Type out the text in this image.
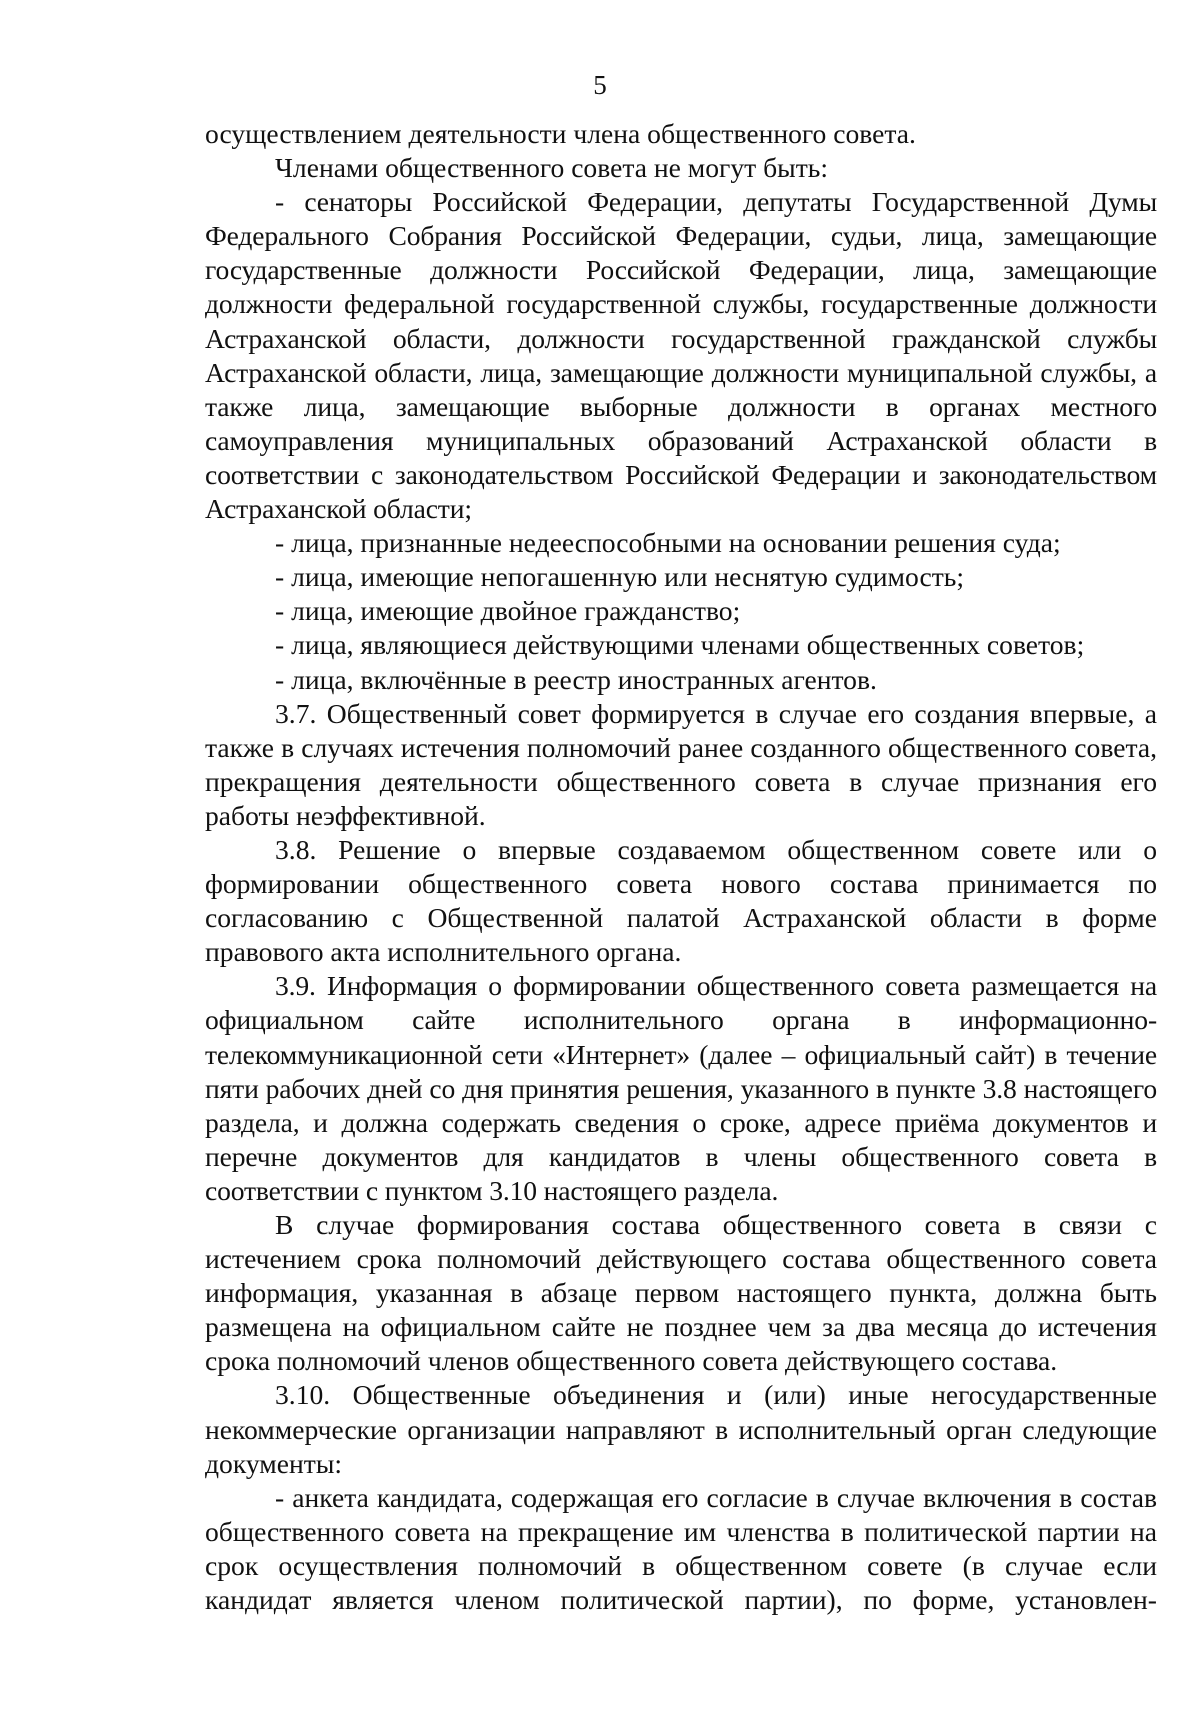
5

осуществлением деятельности члена общественного совета.

Членами общественного совета не могут быть:

- сенаторы Российской Федерации, депутаты Государственной Думы Федерального Собрания Российской Федерации, судьи, лица, замещающие государственные должности Российской Федерации, лица, замещающие должности федеральной государственной службы, государственные должности Астраханской области, должности государственной гражданской службы Астраханской области, лица, замещающие должности муниципальной службы, а также лица, замещающие выборные должности в органах местного самоуправления муниципальных образований Астраханской области в соответствии с законодательством Российской Федерации и законодательством Астраханской области;

- лица, признанные недееспособными на основании решения суда;

- лица, имеющие непогашенную или неснятую судимость;

- лица, имеющие двойное гражданство;

- лица, являющиеся действующими членами общественных советов;

- лица, включённые в реестр иностранных агентов.

3.7. Общественный совет формируется в случае его создания впервые, а также в случаях истечения полномочий ранее созданного общественного совета, прекращения деятельности общественного совета в случае признания его работы неэффективной.

3.8. Решение о впервые создаваемом общественном совете или о формировании общественного совета нового состава принимается по согласованию с Общественной палатой Астраханской области в форме правового акта исполнительного органа.

3.9. Информация о формировании общественного совета размещается на официальном сайте исполнительного органа в информационно-телекоммуникационной сети «Интернет» (далее – официальный сайт) в течение пяти рабочих дней со дня принятия решения, указанного в пункте 3.8 настоящего раздела, и должна содержать сведения о сроке, адресе приёма документов и перечне документов для кандидатов в члены общественного совета в соответствии с пунктом 3.10 настоящего раздела.

В случае формирования состава общественного совета в связи с истечением срока полномочий действующего состава общественного совета информация, указанная в абзаце первом настоящего пункта, должна быть размещена на официальном сайте не позднее чем за два месяца до истечения срока полномочий членов общественного совета действующего состава.

3.10. Общественные объединения и (или) иные негосударственные некоммерческие организации направляют в исполнительный орган следующие документы:

- анкета кандидата, содержащая его согласие в случае включения в состав общественного совета на прекращение им членства в политической партии на срок осуществления полномочий в общественном совете (в случае если кандидат является членом политической партии), по форме, установлен-
